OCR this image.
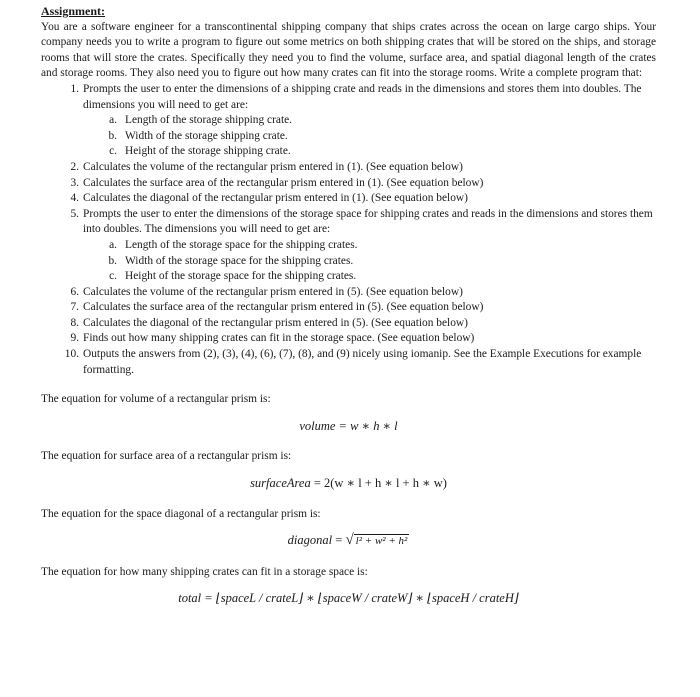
Assignment:

You are a software engineer for a transcontinental shipping company that ships crates across the ocean on large cargo ships. Your company needs you to write a program to figure out some metrics on both shipping crates that will be stored on the ships, and storage rooms that will store the crates. Specifically they need you to find the volume, surface area, and spatial diagonal length of the crates and storage rooms. They also need you to figure out how many crates can fit into the storage rooms. Write a complete program that:

1. Prompts the user to enter the dimensions of a shipping crate and reads in the dimensions and stores them into doubles. The dimensions you will need to get are:
a. Length of the storage shipping crate.
b. Width of the storage shipping crate.
c. Height of the storage shipping crate.
2. Calculates the volume of the rectangular prism entered in (1). (See equation below)
3. Calculates the surface area of the rectangular prism entered in (1). (See equation below)
4. Calculates the diagonal of the rectangular prism entered in (1). (See equation below)
5. Prompts the user to enter the dimensions of the storage space for shipping crates and reads in the dimensions and stores them into doubles. The dimensions you will need to get are:
a. Length of the storage space for the shipping crates.
b. Width of the storage space for the shipping crates.
c. Height of the storage space for the shipping crates.
6. Calculates the volume of the rectangular prism entered in (5). (See equation below)
7. Calculates the surface area of the rectangular prism entered in (5). (See equation below)
8. Calculates the diagonal of the rectangular prism entered in (5). (See equation below)
9. Finds out how many shipping crates can fit in the storage space. (See equation below)
10. Outputs the answers from (2), (3), (4), (6), (7), (8), and (9) nicely using iomanip. See the Example Executions for example formatting.
The equation for volume of a rectangular prism is:
volume = w ∗ h ∗ l
The equation for surface area of a rectangular prism is:
surfaceArea = 2(w ∗ l + h ∗ l + h ∗ w)
The equation for the space diagonal of a rectangular prism is:
diagonal = √ l² + w² + h²
The equation for how many shipping crates can fit in a storage space is:
total = ⌊spaceL / crateL⌋ ∗ ⌊spaceW / crateW⌋ ∗ ⌊spaceH / crateH⌋
